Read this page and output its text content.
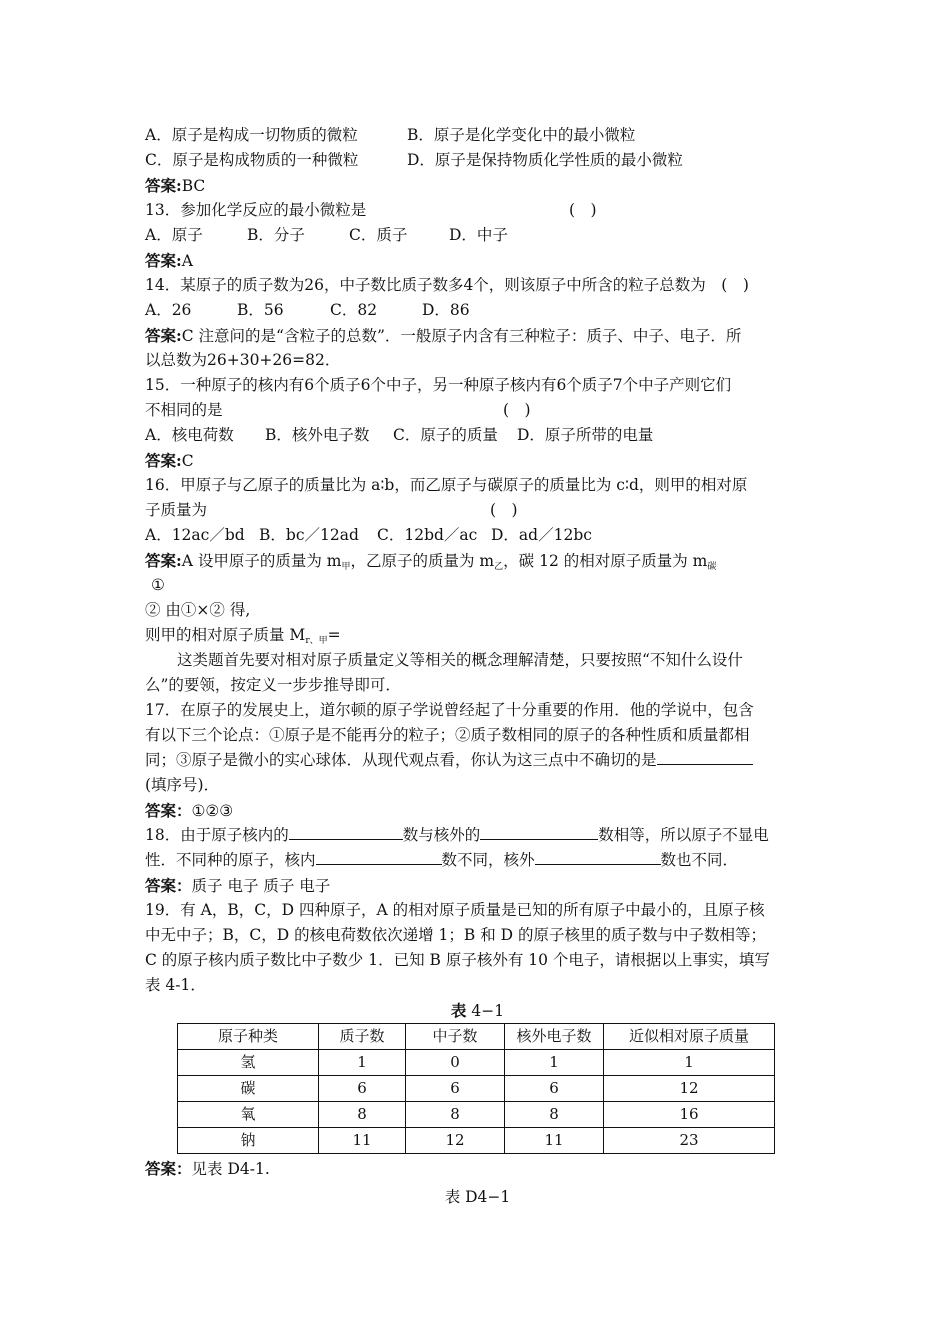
A．原子是构成一切物质的微粒	B．原子是化学变化中的最小微粒
C．原子是构成物质的一种微粒	D．原子是保持物质化学性质的最小微粒
答案:BC
13．参加化学反应的最小微粒是	(　)
A．原子	B．分子	C．质子	D．中子
答案:A
14．某原子的质子数为26，中子数比质子数多4个，则该原子中所含的粒子总数为　(　)
A．26	B．56	C．82	D．86
答案:C 注意问的是“含粒子的总数”．一般原子内含有三种粒子：质子、中子、电子．所
以总数为26+30+26=82．
15．一种原子的核内有6个质子6个中子，另一种原子核内有6个质子7个中子产则它们
不相同的是	(　)
A．核电荷数 B．核外电子数 C．原子的质量 D．原子所带的电量
答案:C
16．甲原子与乙原子的质量比为 a∶b，而乙原子与碳原子的质量比为 c∶d，则甲的相对原
子质量为	(　)
A．12ac／bd B．bc／12ad C．12bd／ac D．ad／12bc
答案:A 设甲原子的质量为 m甲，乙原子的质量为 m乙，碳 12 的相对原子质量为 m碳
①
② 由①×② 得,
则甲的相对原子质量 Mr、甲=
这类题首先要对相对原子质量定义等相关的概念理解清楚，只要按照“不知什么设什
么”的要领，按定义一步步推导即可．
17．在原子的发展史上，道尔顿的原子学说曾经起了十分重要的作用．他的学说中，包含
有以下三个论点：①原子是不能再分的粒子；②质子数相同的原子的各种性质和质量都相
同；③原子是微小的实心球体．从现代观点看，你认为这三点中不确切的是
(填序号)．
答案：①②③
18．由于原子核内的	数与核外的	数相等，所以原子不显电
性．不同种的原子，核内	数不同，核外	数也不同．
答案：质子 电子 质子 电子
19．有 A，B，C，D 四种原子，A 的相对原子质量是已知的所有原子中最小的，且原子核
中无中子；B，C，D 的核电荷数依次递增 1；B 和 D 的原子核里的质子数与中子数相等；
C 的原子核内质子数比中子数少 1．已知 B 原子核外有 10 个电子，请根据以上事实，填写
表 4-1．
表 4−1
原子种类	质子数	中子数	核外电子数	近似相对原子质量
氢	1	0	1	1
碳	6	6	6	12
氧	8	8	8	16
钠	11	12	11	23
答案：见表 D4-1.
表 D4−1
